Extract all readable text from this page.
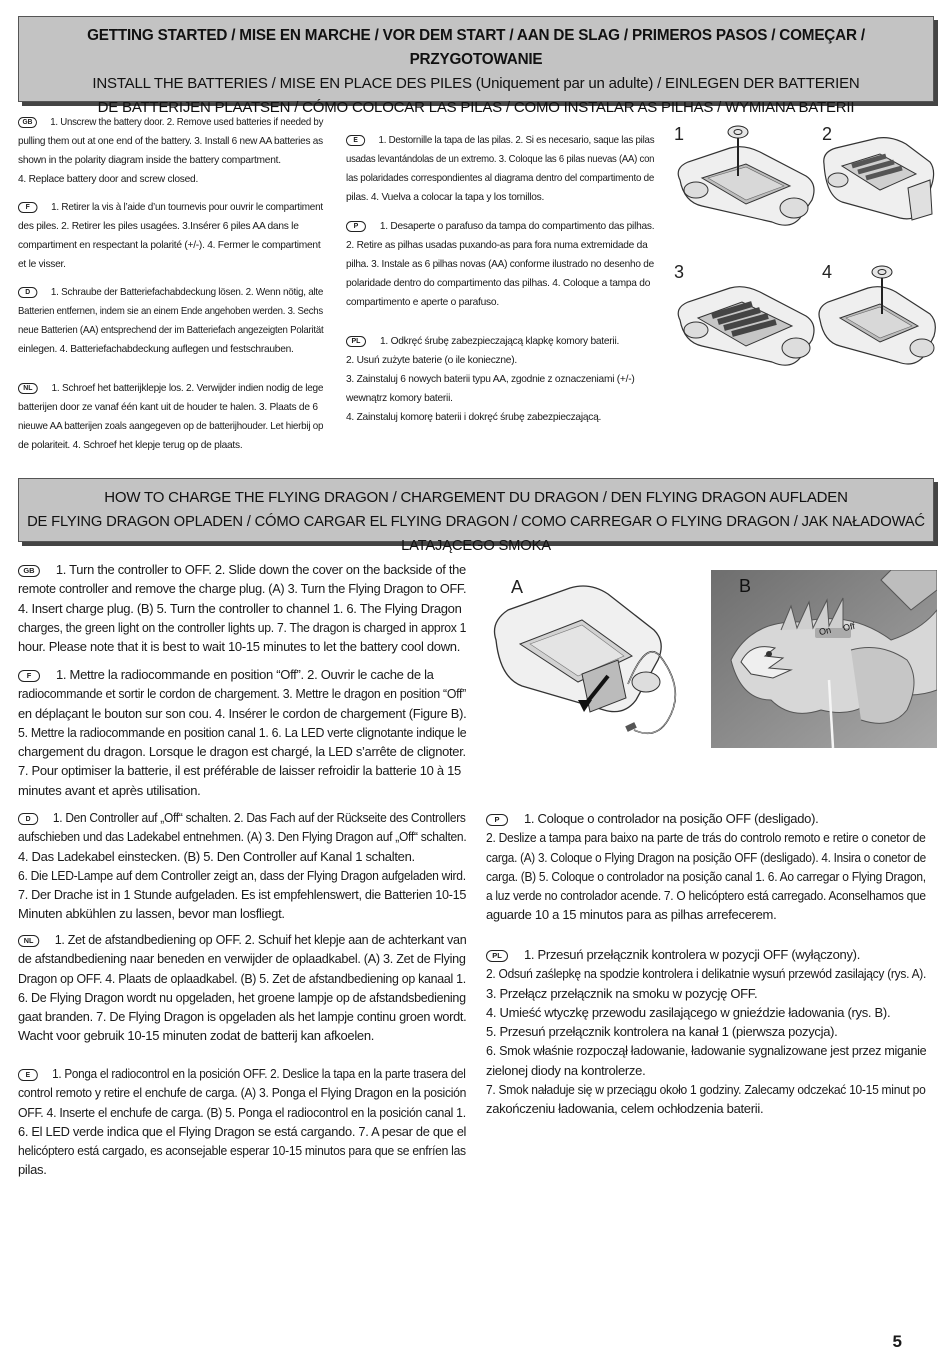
GETTING STARTED / MISE EN MARCHE / VOR DEM START / AAN DE SLAG / PRIMEROS PASOS / COMEÇAR / PRZYGOTOWANIE
INSTALL THE BATTERIES / MISE EN PLACE DES PILES (Uniquement par un adulte) / EINLEGEN DER BATTERIEN
DE BATTERIJEN PLAATSEN / CÓMO COLOCAR LAS PILAS / COMO INSTALAR AS PILHAS / WYMIANA BATERII
GB 1. Unscrew the battery door. 2. Remove used batteries if needed by
pulling them out at one end of the battery. 3. Install 6 new AA batteries as
shown in the polarity diagram inside the battery compartment.
4. Replace battery door and screw closed.
F 1. Retirer la vis à l’aide d’un tournevis pour ouvrir le compartiment
des piles. 2. Retirer les piles usagées. 3.Insérer 6 piles AA dans le
compartiment en respectant la polarité (+/-). 4. Fermer le compartiment
et le visser.
D 1. Schraube der Batteriefachabdeckung lösen. 2. Wenn nötig, alte
Batterien entfernen, indem sie an einem Ende angehoben werden. 3. Sechs
neue Batterien (AA) entsprechend der im Batteriefach angezeigten Polarität
einlegen. 4. Batteriefachabdeckung auflegen und festschrauben.
NL 1. Schroef het batterijklepje los. 2. Verwijder indien nodig de lege
batterijen door ze vanaf één kant uit de houder te halen. 3. Plaats de 6
nieuwe AA batterijen zoals aangegeven op de batterijhouder. Let hierbij op
de polariteit. 4. Schroef het klepje terug op de plaats.
E 1. Destornille la tapa de las pilas. 2. Si es necesario, saque las pilas
usadas levantándolas de un extremo. 3. Coloque las 6 pilas nuevas (AA) con
las polaridades correspondientes al diagrama dentro del compartimento de
pilas. 4. Vuelva a colocar la tapa y los tornillos.
P 1. Desaperte o parafuso da tampa do compartimento das pilhas.
2. Retire as pilhas usadas puxando-as para fora numa extremidade da
pilha. 3. Instale as 6 pilhas novas (AA) conforme ilustrado no desenho de
polaridade dentro do compartimento das pilhas. 4. Coloque a tampa do
compartimento e aperte o parafuso.
PL 1. Odkręć śrubę zabezpieczającą klapkę komory baterii.
2. Usuń zużyte baterie (o ile konieczne).
3. Zainstaluj 6 nowych baterii typu AA, zgodnie z oznaczeniami (+/-)
wewnątrz komory baterii.
4. Zainstaluj komorę baterii i dokręć śrubę zabezpieczającą.
1	2
3	4
HOW TO CHARGE THE FLYING DRAGON / CHARGEMENT DU DRAGON / DEN FLYING DRAGON AUFLADEN
DE FLYING DRAGON OPLADEN / CÓMO CARGAR EL FLYING DRAGON / COMO CARREGAR O FLYING DRAGON / JAK NAŁADOWAĆ LATAJĄCEGO SMOKA
GB 1. Turn the controller to OFF. 2. Slide down the cover on the backside of the
remote controller and remove the charge plug. (A) 3. Turn the Flying Dragon to OFF.
4. Insert charge plug. (B) 5. Turn the controller to channel 1. 6. The Flying Dragon
charges, the green light on the controller lights up. 7. The dragon is charged in approx 1
hour. Please note that it is best to wait 10-15 minutes to let the battery cool down.
F 1. Mettre la radiocommande en position “Off”. 2. Ouvrir le cache de la
radiocommande et sortir le cordon de chargement. 3. Mettre le dragon en position “Off”
en déplaçant le bouton sur son cou. 4. Insérer le cordon de chargement (Figure B).
5. Mettre la radiocommande en position canal 1. 6. La LED verte clignotante indique le
chargement du dragon. Lorsque le dragon est chargé, la LED s’arrête de clignoter.
7. Pour optimiser la batterie, il est préférable de laisser refroidir la batterie 10 à 15
minutes avant et après utilisation.
D 1. Den Controller auf „Off“ schalten. 2. Das Fach auf der Rückseite des Controllers
aufschieben und das Ladekabel entnehmen. (A) 3. Den Flying Dragon auf „Off“ schalten.
4. Das Ladekabel einstecken. (B) 5. Den Controller auf Kanal 1 schalten.
6. Die LED-Lampe auf dem Controller zeigt an, dass der Flying Dragon aufgeladen wird.
7. Der Drache ist in 1 Stunde aufgeladen. Es ist empfehlenswert, die Batterien 10-15
Minuten abkühlen zu lassen, bevor man losfliegt.
NL 1. Zet de afstandbediening op OFF. 2. Schuif het klepje aan de achterkant van
de afstandbediening naar beneden en verwijder de oplaadkabel. (A) 3. Zet de Flying
Dragon op OFF. 4. Plaats de oplaadkabel. (B) 5. Zet de afstandbediening op kanaal 1.
6. De Flying Dragon wordt nu opgeladen, het groene lampje op de afstandsbediening
gaat branden. 7. De Flying Dragon is opgeladen als het lampje continu groen wordt.
Wacht voor gebruik 10-15 minuten zodat de batterij kan afkoelen.
E 1. Ponga el radiocontrol en la posición OFF. 2. Deslice la tapa en la parte trasera del
control remoto y retire el enchufe de carga. (A) 3. Ponga el Flying Dragon en la posición
OFF. 4. Inserte el enchufe de carga. (B) 5. Ponga el radiocontrol en la posición canal 1.
6. El LED verde indica que el Flying Dragon se está cargando. 7. A pesar de que el
helicóptero está cargado, es aconsejable esperar 10-15 minutos para que se enfríen las
pilas.
P 1. Coloque o controlador na posição OFF (desligado).
2. Deslize a tampa para baixo na parte de trás do controlo remoto e retire o conetor de
carga. (A) 3. Coloque o Flying Dragon na posição OFF (desligado). 4. Insira o conetor de
carga. (B) 5. Coloque o controlador na posição canal 1. 6. Ao carregar o Flying Dragon,
a luz verde no controlador acende. 7. O helicóptero está carregado. Aconselhamos que
aguarde 10 a 15 minutos para as pilhas arrefecerem.
PL 1. Przesuń przełącznik kontrolera w pozycji OFF (wyłączony).
2. Odsuń zaślepkę na spodzie kontrolera i delikatnie wysuń przewód zasilający (rys. A).
3. Przełącz przełącznik na smoku w pozycję OFF.
4. Umieść wtyczkę przewodu zasilającego w gnieździe ładowania (rys. B).
5. Przesuń przełącznik kontrolera na kanał 1 (pierwsza pozycja).
6. Smok właśnie rozpoczął ładowanie, ładowanie sygnalizowane jest przez miganie
zielonej diody na kontrolerze.
7. Smok naładuje się w przeciągu około 1 godziny. Zalecamy odczekać 10-15 minut po
zakończeniu ładowania, celem ochłodzenia baterii.
A	B
On Off
5
